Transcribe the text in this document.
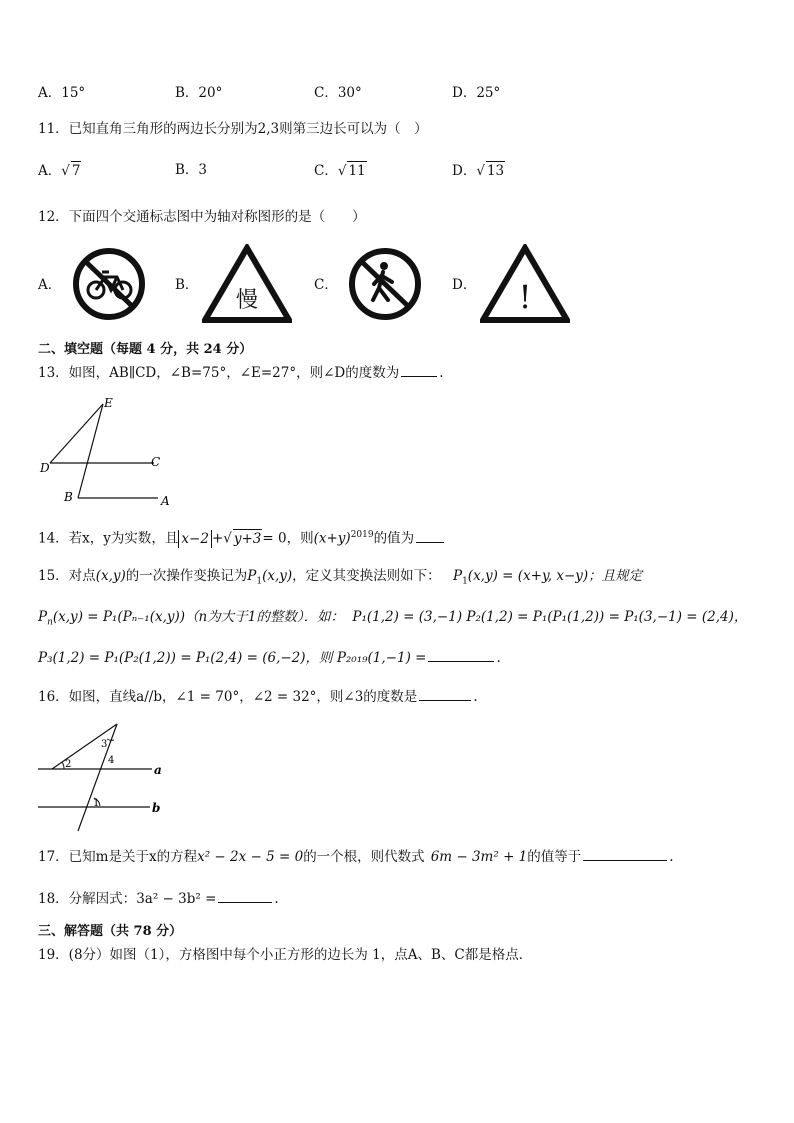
A．15°	B．20°	C．30°	D．25°
11．已知直角三角形的两边长分别为2,3则第三边长可以为（　）
A．√ 7	B．3	C．√ 11	D．√ 13
12．下面四个交通标志图中为轴对称图形的是（　　）
A．	B．	C．	D．
慢	!
二、填空题（每题 4 分，共 24 分）
13．如图，AB∥CD，∠B=75°，∠E=27°，则∠D的度数为	.
E
D	C
B	A
14．若x，y为实数，且 x−2 +√ y+3= 0，则$(x+y)^{2019}$的值为
15．对点(x,y)的一次操作变换记为$P_1(x,y)$，定义其变换法则如下： $P_1(x,y) = (x+y$, x−y)；且规定
$P_n(x,y) = P_1(P_{n-1}(x,y))(n$为大于1的整数）．如： P₁(1,2) = (3,−1) P₂(1,2) = P₁(P₁(1,2)) = P₁(3,−1) = (2,4)，
P₃(1,2) = P₁(P₂(1,2)) = P₁(2,4) = (6,−2)，则 P₂₀₁₉(1,−1) =	.
16．如图，直线a//b，∠1 = 70°，∠2 = 32°，则∠3的度数是	.
a
b
1
2
3
4
17．已知m是关于x的方程x² − 2x − 5 = 0的一个根，则代数式 6m − 3m² + 1的值等于	.
18．分解因式：3a² − 3b² =	.
三、解答题（共 78 分）
19．(8分）如图（1），方格图中每个小正方形的边长为 1，点A、B、C都是格点．
